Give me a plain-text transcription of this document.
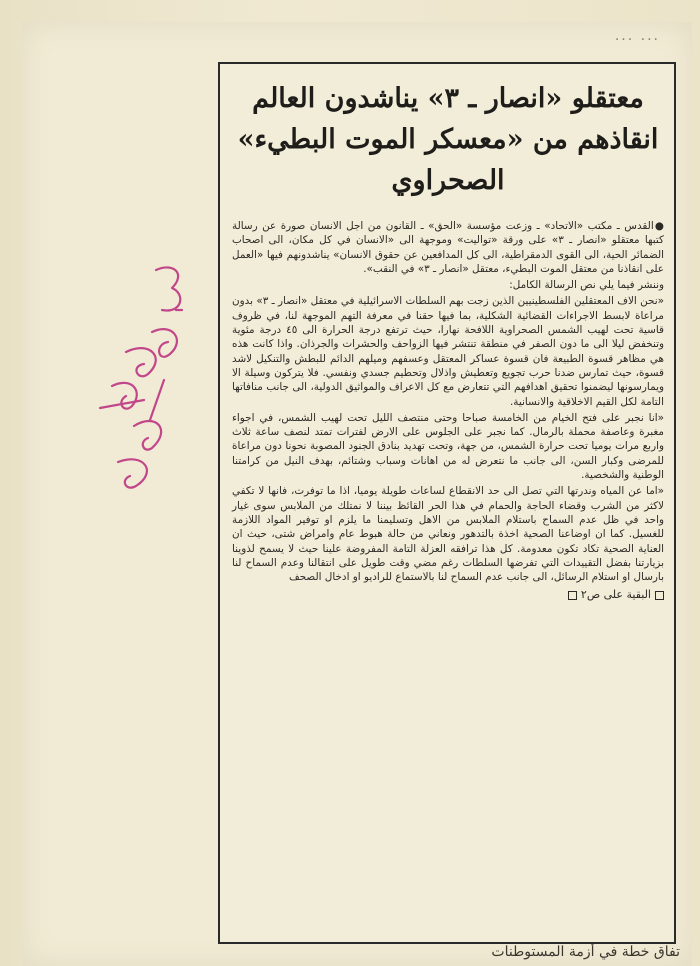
... ...
معتقلو «انصار ـ ٣» يناشدون العالم
انقاذهم من «معسكر الموت البطيء»
الصحراوي

●القدس ـ مكتب «الاتحاد» ـ وزعت مؤسسة «الحق» ـ القانون من اجل الانسان صورة عن رسالة كتبها معتقلو «انصار ـ ٣» على ورقة «تواليت» وموجهة الى «الانسان في كل مكان، الى اصحاب الضمائر الحية، الى القوى الدمقراطية، الى كل المدافعين عن حقوق الانسان» يناشدونهم فيها «العمل على انقاذنا من معتقل الموت البطيء، معتقل «انصار ـ ٣» في النقب».

وننشر فيما يلي نص الرسالة الكامل:

«نحن الاف المعتقلين الفلسطينيين الذين زجت بهم السلطات الاسرائيلية في معتقل «انصار ـ ٣» بدون مراعاة لابسط الاجراءات القضائية الشكلية، بما فيها حقنا في معرفة التهم الموجهة لنا، في ظروف قاسية تحت لهيب الشمس الصحراوية اللافحة نهارا، حيث ترتفع درجة الحرارة الى ٤٥ درجة مئوية وتنخفض ليلا الى ما دون الصفر في منطقة تنتشر فيها الزواحف والحشرات والجرذان. واذا كانت هذه هي مظاهر قسوة الطبيعة فان قسوة عساكر المعتقل وعسفهم وميلهم الدائم للبطش والتنكيل لاشد قسوة، حيث تمارس ضدنا حرب تجويع وتعطيش واذلال وتحطيم جسدي ونفسي. فلا يتركون وسيلة الا ويمارسونها ليضمنوا تحقيق اهدافهم التي تتعارض مع كل الاعراف والمواثيق الدولية، الى جانب منافاتها التامة لكل القيم الاخلاقية والانسانية.

«انا نجبر على فتح الخيام من الخامسة صباحا وحتى منتصف الليل تحت لهيب الشمس، في اجواء مغبرة وعاصفة محملة بالرمال. كما نجبر على الجلوس على الارض لفترات تمتد لنصف ساعة ثلاث واربع مرات يوميا تحت حرارة الشمس، من جهة، وتحت تهديد بنادق الجنود المصوبة نحونا دون مراعاة للمرضى وكبار السن، الى جانب ما نتعرض له من اهانات وسباب وشتائم، بهدف النيل من كرامتنا الوطنية والشخصية.

«اما عن المياه وندرتها التي تصل الى حد الانقطاع لساعات طويلة يوميا، اذا ما توفرت، فانها لا تكفي لاكثر من الشرب وقضاء الحاجة والحمام في هذا الحر القائظ بيننا لا نمتلك من الملابس سوى غيار واحد في ظل عدم السماح باستلام الملابس من الاهل وتسليمنا ما يلزم او توفير المواد اللازمة للغسيل. كما ان اوضاعنا الصحية اخذة بالتدهور ونعاني من حالة هبوط عام وامراض شتى، حيث ان العناية الصحية تكاد تكون معدومة. كل هذا ترافقه العزلة التامة المفروضة علينا حيث لا يسمح لذوينا بزيارتنا بفضل التقييدات التي تفرضها السلطات رغم مضي وقت طويل على انتقالنا وعدم السماح لنا بارسال او استلام الرسائل، الى جانب عدم السماح لنا بالاستماع للراديو او ادخال الصحف

البقية على ص٢
تفاق خطة في أزمة المستوطنات
